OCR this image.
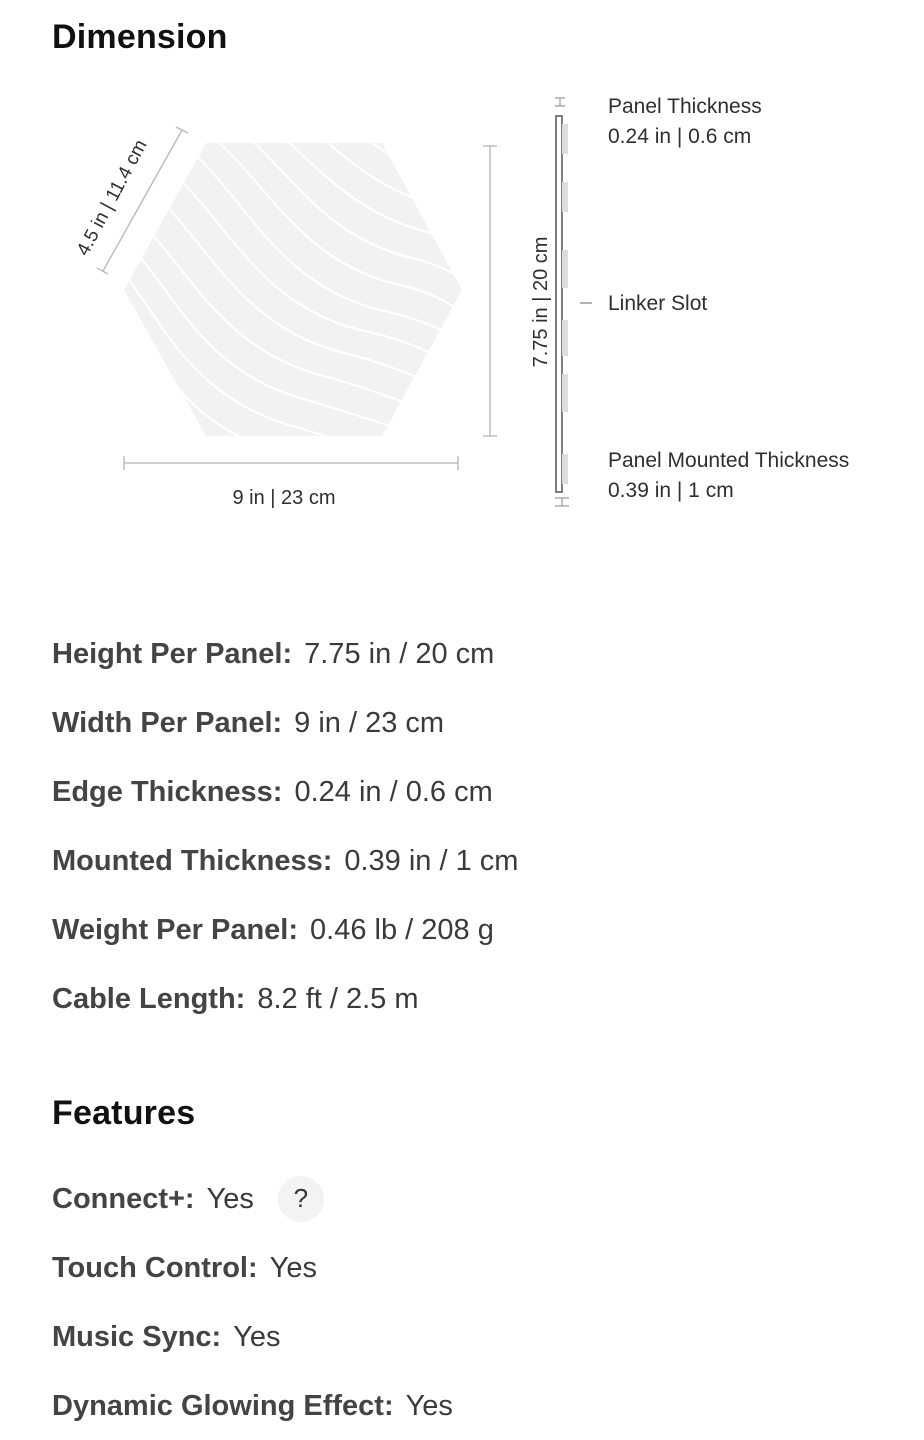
Dimension
4.5 in | 11.4 cm
9 in | 23 cm
7.75 in | 20 cm
Panel Thickness
0.24 in | 0.6 cm
Linker Slot
Panel Mounted Thickness
0.39 in | 1 cm
Height Per Panel: 7.75 in / 20 cm
Width Per Panel: 9 in / 23 cm
Edge Thickness: 0.24 in / 0.6 cm
Mounted Thickness: 0.39 in / 1 cm
Weight Per Panel: 0.46 lb / 208 g
Cable Length: 8.2 ft / 2.5 m
Features
Connect+: Yes	?
Touch Control: Yes
Music Sync: Yes
Dynamic Glowing Effect: Yes
